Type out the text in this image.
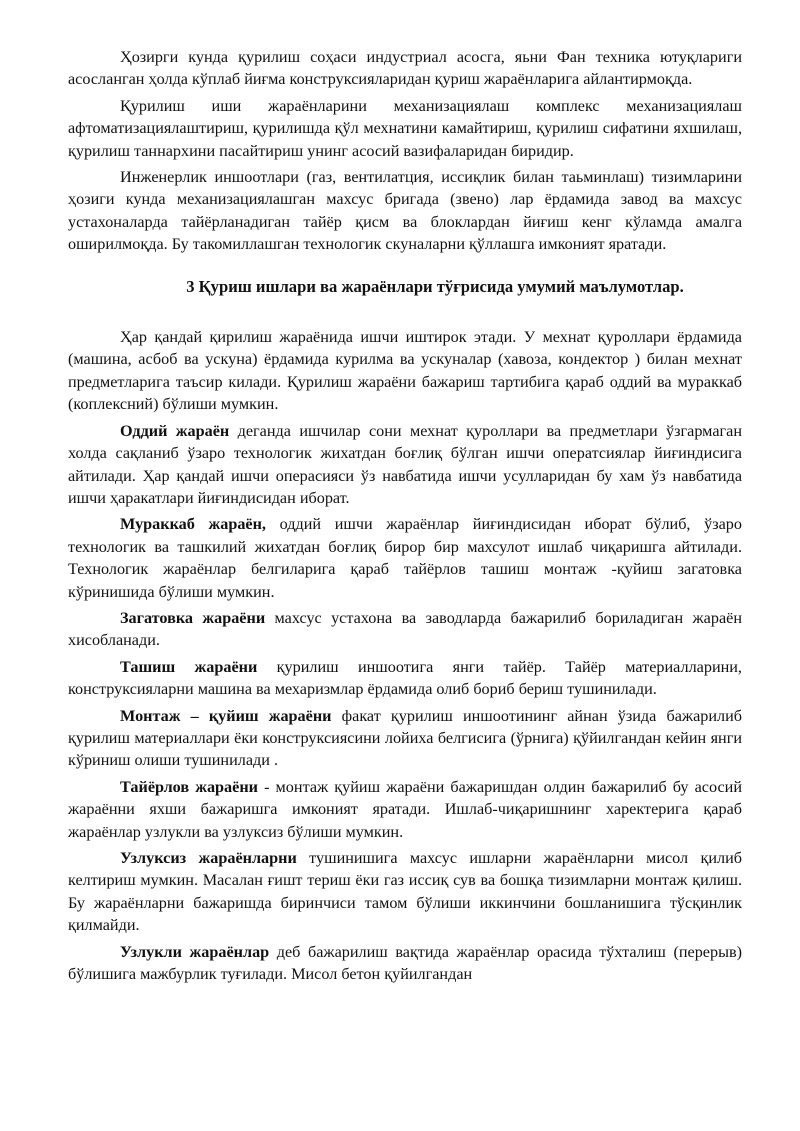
Ҳозирги кунда қурилиш соҳаси индустриал асосга, яьни Фан техника ютуқлариги асосланган ҳолда кўплаб йиғма конструксияларидан қуриш жараёнларига айлантирмоқда.

Қурилиш иши жараёнларини механизациялаш комплекс механизациялаш афтоматизациялаштириш, қурилишда қўл мехнатини камайтириш, қурилиш сифатини яхшилаш, қурилиш таннархини пасайтириш унинг асосий вазифаларидан биридир.

Инженерлик иншоотлари (газ, вентилатция, иссиқлик билан таьминлаш) тизимларини ҳозиги кунда механизациялашган махсус бригада (звено) лар ёрдамида завод ва махсус устахоналарда тайёрланадиган тайёр қисм ва блоклардан йиғиш кенг кўламда амалга оширилмоқда. Бу такомиллашган технологик скуналарни қўллашга имконият яратади.

3 Қуриш ишлари ва жараёнлари тўғрисида умумий маълумотлар.

Ҳар қандай қирилиш жараёнида ишчи иштирок этади. У мехнат қуроллари ёрдамида (машина, асбоб ва ускуна) ёрдамида курилма ва ускуналар (хавоза, кондектор ) билан мехнат предметларига таъсир килади. Қурилиш жараёни бажариш тартибига қараб оддий ва мураккаб (коплексний) бўлиши мумкин.

Оддий жараён деганда ишчилар сони мехнат қуроллари ва предметлари ўзгармаган холда сақланиб ўзаро технологик жихатдан боғлиқ бўлган ишчи оператсиялар йиғиндисига айтилади. Ҳар қандай ишчи операсияси ўз навбатида ишчи усулларидан бу хам ўз навбатида ишчи ҳаракатлари йиғиндисидан иборат.

Мураккаб жараён, оддий ишчи жараёнлар йиғиндисидан иборат бўлиб, ўзаро технологик ва ташкилий жихатдан боғлиқ бирор бир махсулот ишлаб чиқаришга айтилади. Технологик жараёнлар белгиларига қараб тайёрлов ташиш монтаж -қуйиш загатовка кўринишида бўлиши мумкин.

Загатовка жараёни махсус устахона ва заводларда бажарилиб бориладиган жараён хисобланади.

Ташиш жараёни қурилиш иншоотига янги тайёр. Тайёр материалларини, конструксияларни машина ва мехаризмлар ёрдамида олиб бориб бериш тушинилади.

Монтаж – қуйиш жараёни факат қурилиш иншоотининг айнан ўзида бажарилиб қурилиш материаллари ёки конструксиясини лойиха белгисига (ўрнига) қўйилгандан кейин янги кўриниш олиши тушинилади .

Тайёрлов жараёни - монтаж қуйиш жараёни бажаришдан олдин бажарилиб бу асосий жараённи яхши бажаришга имконият яратади. Ишлаб-чиқаришнинг харектерига қараб жараёнлар узлукли ва узлуксиз бўлиши мумкин.

Узлуксиз жараёнларни тушинишига махсус ишларни жараёнларни мисол қилиб келтириш мумкин. Масалан ғишт териш ёки газ иссиқ сув ва бошқа тизимларни монтаж қилиш. Бу жараёнларни бажаришда биринчиси тамом бўлиши иккинчини бошланишига тўсқинлик қилмайди.

Узлукли жараёнлар деб бажарилиш вақтида жараёнлар орасида тўхталиш (перерыв) бўлишига мажбурлик туғилади. Мисол бетон қуйилгандан
